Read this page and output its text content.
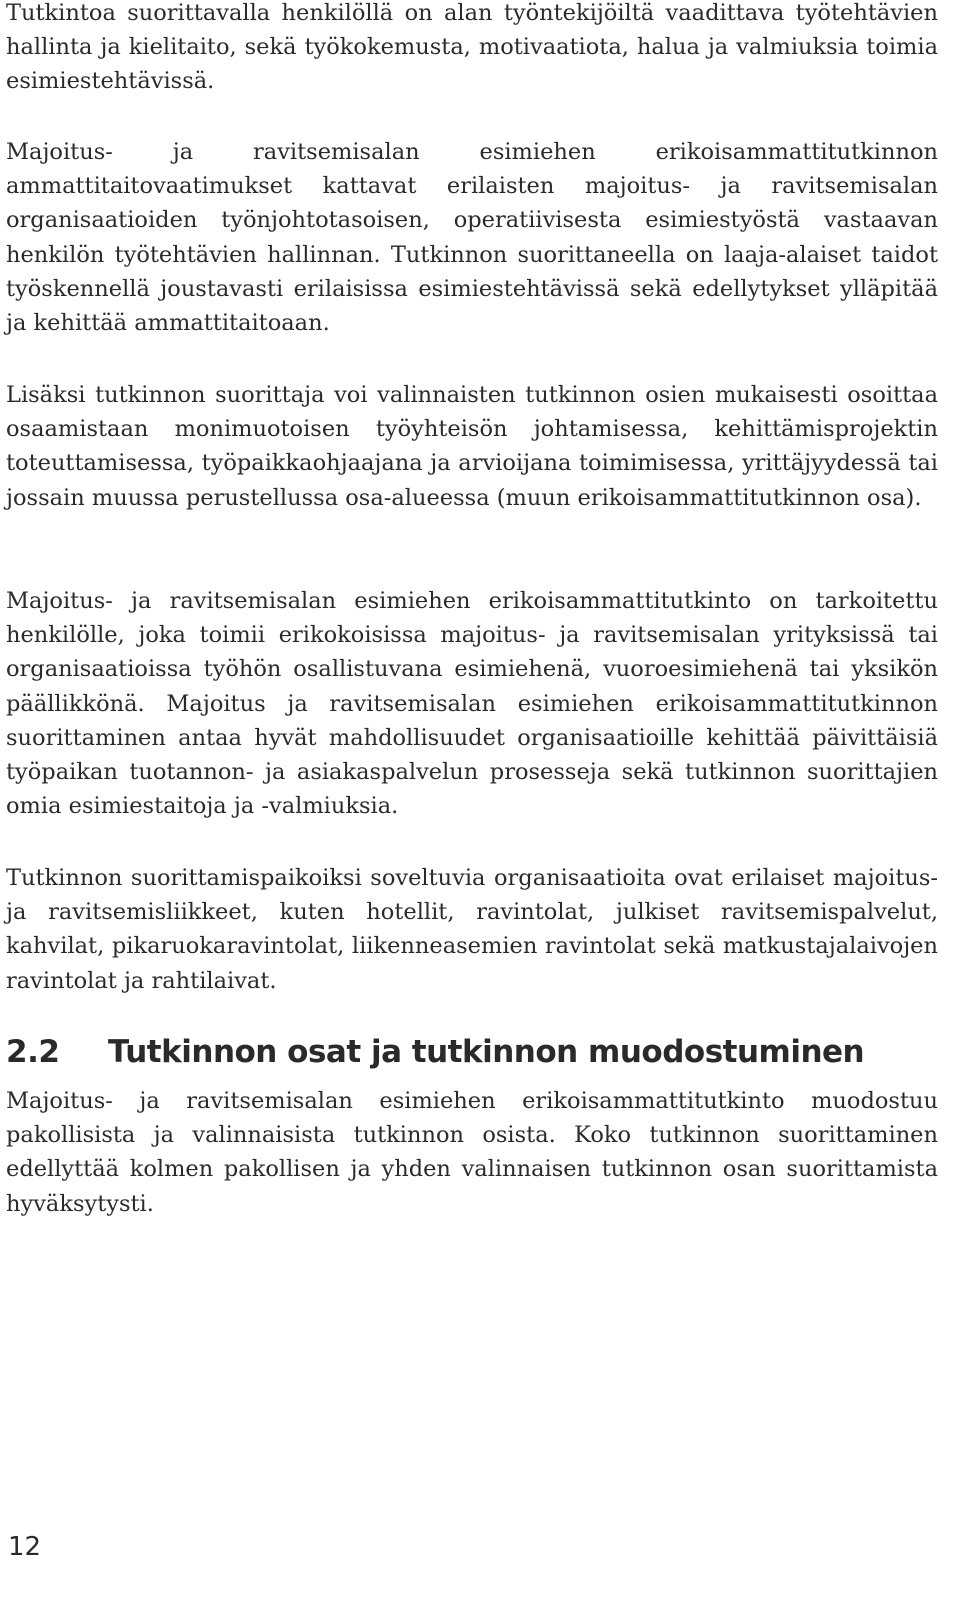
Tutkintoa suorittavalla henkilöllä on alan työntekijöiltä vaadittava työtehtävien hallinta ja kielitaito, sekä työkokemusta, motivaatiota, halua ja valmiuksia toimia esimiestehtävissä.

Majoitus- ja ravitsemisalan esimiehen erikoisammattitutkinnon ammattitaitovaatimukset kattavat erilaisten majoitus- ja ravitsemisalan organisaatioiden työnjohtotasoisen, operatiivisesta esimiestyöstä vastaavan henkilön työtehtävien hallinnan. Tutkinnon suorittaneella on laaja-alaiset taidot työskennellä joustavasti erilaisissa esimiestehtävissä sekä edellytykset ylläpitää ja kehittää ammattitaitoaan.

Lisäksi tutkinnon suorittaja voi valinnaisten tutkinnon osien mukaisesti osoittaa osaamistaan monimuotoisen työyhteisön johtamisessa, kehittämisprojektin toteuttamisessa, työpaikkaohjaajana ja arvioijana toimimisessa, yrittäjyydessä tai jossain muussa perustellussa osa-alueessa (muun erikoisammattitutkinnon osa).

Majoitus- ja ravitsemisalan esimiehen erikoisammattitutkinto on tarkoitettu henkilölle, joka toimii erikokoisissa majoitus- ja ravitsemisalan yrityksissä tai organisaatioissa työhön osallistuvana esimiehenä, vuoroesimiehenä tai yksikön päällikkönä. Majoitus ja ravitsemisalan esimiehen erikoisammattitutkinnon suorittaminen antaa hyvät mahdollisuudet organisaatioille kehittää päivittäisiä työpaikan tuotannon- ja asiakaspalvelun prosesseja sekä tutkinnon suorittajien omia esimiestaitoja ja -valmiuksia.

Tutkinnon suorittamispaikoiksi soveltuvia organisaatioita ovat erilaiset majoitus- ja ravitsemisliikkeet, kuten hotellit, ravintolat, julkiset ravitsemispalvelut, kahvilat, pikaruokaravintolat, liikenneasemien ravintolat sekä matkustajalaivojen ravintolat ja rahtilaivat.

2.2 Tutkinnon osat ja tutkinnon muodostuminen

Majoitus- ja ravitsemisalan esimiehen erikoisammattitutkinto muodostuu pakollisista ja valinnaisista tutkinnon osista. Koko tutkinnon suorittaminen edellyttää kolmen pakollisen ja yhden valinnaisen tutkinnon osan suorittamista hyväksytysti.

12
